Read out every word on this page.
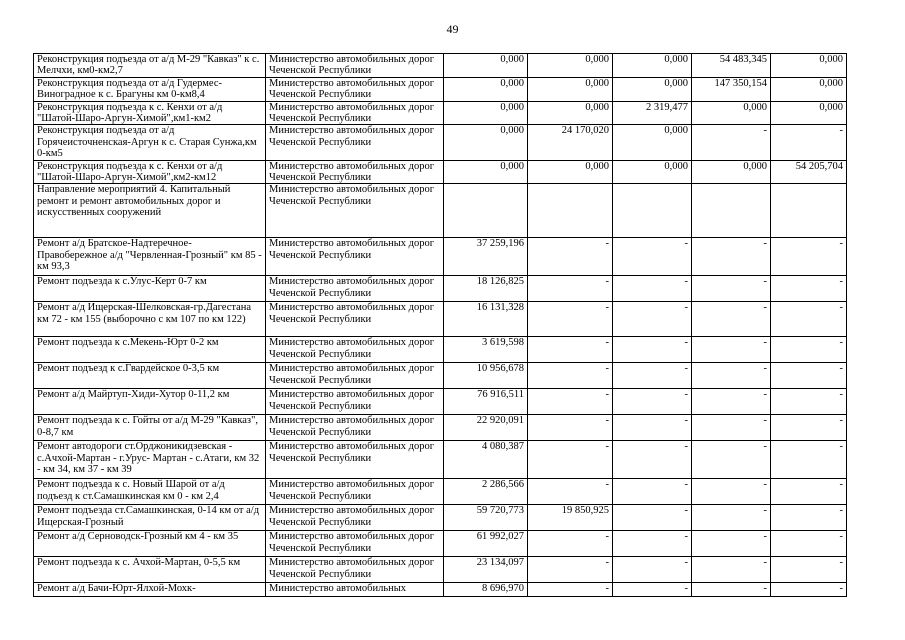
49
Реконструкция подъезда от а/д М-29 "Кавказ" к с. Мелчхи, км0-км2,7	Министерство автомобильных дорог Чеченской Республики	0,000	0,000	0,000	54 483,345	0,000
Реконструкция подъезда от а/д Гудермес-Виноградное к с. Брагуны км 0-км8,4	Министерство автомобильных дорог Чеченской Республики	0,000	0,000	0,000	147 350,154	0,000
Реконструкция подъезда к с. Кенхи от а/д "Шатой-Шаро-Аргун-Химой",км1-км2	Министерство автомобильных дорог Чеченской Республики	0,000	0,000	2 319,477	0,000	0,000
Реконструкция подъезда от а/д Горячеисточненская-Аргун к с. Старая Сунжа,км 0-км5	Министерство автомобильных дорог Чеченской Республики	0,000	24 170,020	0,000	-	-
Реконструкция подъезда к с. Кенхи от а/д "Шатой-Шаро-Аргун-Химой",км2-км12	Министерство автомобильных дорог Чеченской Республики	0,000	0,000	0,000	0,000	54 205,704
Направление мероприятий 4. Капитальный ремонт и ремонт автомобильных дорог и искусственных сооружений	Министерство автомобильных дорог Чеченской Республики					
Ремонт а/д Братское-Надтеречное-Правобережное а/д "Червленная-Грозный" км 85 - км 93,3	Министерство автомобильных дорог Чеченской Республики	37 259,196	-	-	-	-
Ремонт подъезда к с.Улус-Керт 0-7 км	Министерство автомобильных дорог Чеченской Республики	18 126,825	-	-	-	-
Ремонт а/д Ищерская-Шелковская-гр.Дагестана км 72 - км 155 (выборочно с км 107 по км 122)	Министерство автомобильных дорог Чеченской Республики	16 131,328	-	-	-	-
Ремонт подъезда к с.Мекень-Юрт 0-2 км	Министерство автомобильных дорог Чеченской Республики	3 619,598	-	-	-	-
Ремонт подъезд к с.Гвардейское 0-3,5 км	Министерство автомобильных дорог Чеченской Республики	10 956,678	-	-	-	-
Ремонт а/д Майртуп-Хиди-Хутор 0-11,2 км	Министерство автомобильных дорог Чеченской Республики	76 916,511	-	-	-	-
Ремонт подъезда к с. Гойты от а/д М-29 "Кавказ", 0-8,7 км	Министерство автомобильных дорог Чеченской Республики	22 920,091	-	-	-	-
Ремонт автодороги ст.Орджоникидзевская - с.Ачхой-Мартан - г.Урус- Мартан - с.Атаги, км 32 - км 34, км 37 - км 39	Министерство автомобильных дорог Чеченской Республики	4 080,387	-	-	-	-
Ремонт подъезда к с. Новый Шарой от а/д подъезд к ст.Самашкинская км 0 - км 2,4	Министерство автомобильных дорог Чеченской Республики	2 286,566	-	-	-	-
Ремонт подъезда ст.Самашкинская, 0-14 км от а/д Ищерская-Грозный	Министерство автомобильных дорог Чеченской Республики	59 720,773	19 850,925	-	-	-
Ремонт а/д Серноводск-Грозный км 4 - км 35	Министерство автомобильных дорог Чеченской Республики	61 992,027	-	-	-	-
Ремонт подъезда к с. Ачхой-Мартан, 0-5,5 км	Министерство автомобильных дорог Чеченской Республики	23 134,097	-	-	-	-
Ремонт а/д Бачи-Юрт-Ялхой-Мохк-	Министерство автомобильных	8 696,970	-	-	-	-
